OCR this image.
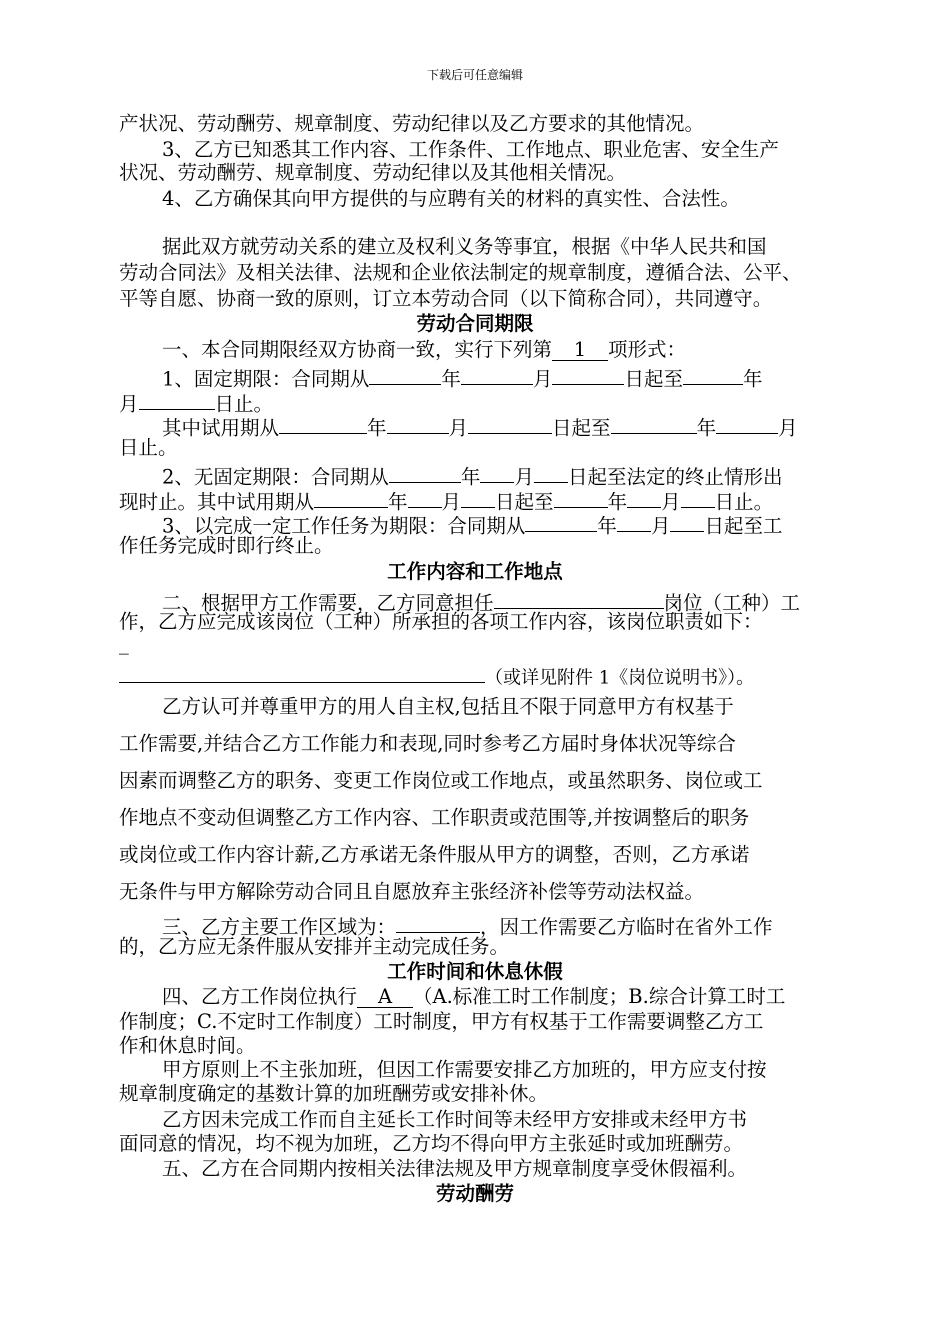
下载后可任意编辑
产状况、劳动酬劳、规章制度、劳动纪律以及乙方要求的其他情况。
3、乙方已知悉其工作内容、工作条件、工作地点、职业危害、安全生产
状况、劳动酬劳、规章制度、劳动纪律以及其他相关情况。
4、乙方确保其向甲方提供的与应聘有关的材料的真实性、合法性。
据此双方就劳动关系的建立及权利义务等事宜，根据《中华人民共和国
劳动合同法》及相关法律、法规和企业依法制定的规章制度，遵循合法、公平、
平等自愿、协商一致的原则，订立本劳动合同（以下简称合同），共同遵守。
劳动合同期限
一、本合同期限经双方协商一致，实行下列第 1 项形式：
1、固定期限：合同期从	年	月	日起至	年
月	日止。
其中试用期从	年	月	日起至	年	月
日止。
2、无固定期限：合同期从	年 月 日起至法定的终止情形出
现时止。其中试用期从	年 月 日起至	年 月 日止。
3、以完成一定工作任务为期限：合同期从	年 月 日起至工
作任务完成时即行终止。
工作内容和工作地点
二、根据甲方工作需要，乙方同意担任	岗位（工种）工
作，乙方应完成该岗位（工种）所承担的各项工作内容，该岗位职责如下：
_
（或详见附件 1《岗位说明书》）。
乙方认可并尊重甲方的用人自主权,包括且不限于同意甲方有权基于
工作需要,并结合乙方工作能力和表现,同时参考乙方届时身体状况等综合
因素而调整乙方的职务、变更工作岗位或工作地点，或虽然职务、岗位或工
作地点不变动但调整乙方工作内容、工作职责或范围等,并按调整后的职务
或岗位或工作内容计薪,乙方承诺无条件服从甲方的调整，否则，乙方承诺
无条件与甲方解除劳动合同且自愿放弃主张经济补偿等劳动法权益。
三、乙方主要工作区域为：	，因工作需要乙方临时在省外工作
的，乙方应无条件服从安排并主动完成任务。
工作时间和休息休假
四、乙方工作岗位执行 A （A.标准工时工作制度；B.综合计算工时工
作制度；C.不定时工作制度）工时制度，甲方有权基于工作需要调整乙方工
作和休息时间。
甲方原则上不主张加班，但因工作需要安排乙方加班的，甲方应支付按
规章制度确定的基数计算的加班酬劳或安排补休。
乙方因未完成工作而自主延长工作时间等未经甲方安排或未经甲方书
面同意的情况，均不视为加班，乙方均不得向甲方主张延时或加班酬劳。
五、乙方在合同期内按相关法律法规及甲方规章制度享受休假福利。
劳动酬劳
